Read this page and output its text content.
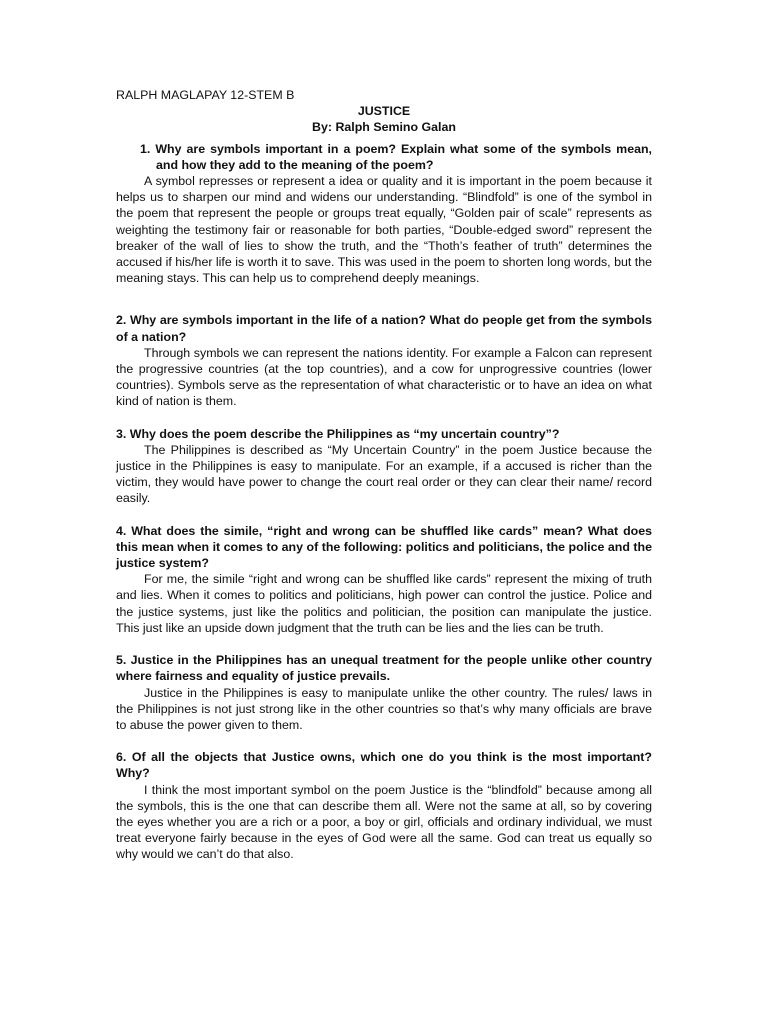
RALPH MAGLAPAY 12-STEM B

JUSTICE

By: Ralph Semino Galan

1. Why are symbols important in a poem? Explain what some of the symbols mean, and how they add to the meaning of the poem?

A symbol represses or represent a idea or quality and it is important in the poem because it helps us to sharpen our mind and widens our understanding. “Blindfold” is one of the symbol in the poem that represent the people or groups treat equally, “Golden pair of scale” represents as weighting the testimony fair or reasonable for both parties, “Double-edged sword” represent the breaker of the wall of lies to show the truth, and the “Thoth’s feather of truth” determines the accused if his/her life is worth it to save. This was used in the poem to shorten long words, but the meaning stays. This can help us to comprehend deeply meanings.

2. Why are symbols important in the life of a nation? What do people get from the symbols of a nation?

Through symbols we can represent the nations identity. For example a Falcon can represent the progressive countries (at the top countries), and a cow for unprogressive countries (lower countries). Symbols serve as the representation of what characteristic or to have an idea on what kind of nation is them.

3. Why does the poem describe the Philippines as “my uncertain country”?

The Philippines is described as “My Uncertain Country” in the poem Justice because the justice in the Philippines is easy to manipulate. For an example, if a accused is richer than the victim, they would have power to change the court real order or they can clear their name/ record easily.

4. What does the simile, “right and wrong can be shuffled like cards” mean? What does this mean when it comes to any of the following: politics and politicians, the police and the justice system?

For me, the simile “right and wrong can be shuffled like cards” represent the mixing of truth and lies. When it comes to politics and politicians, high power can control the justice. Police and the justice systems, just like the politics and politician, the position can manipulate the justice. This just like an upside down judgment that the truth can be lies and the lies can be truth.

5. Justice in the Philippines has an unequal treatment for the people unlike other country where fairness and equality of justice prevails.

Justice in the Philippines is easy to manipulate unlike the other country. The rules/ laws in the Philippines is not just strong like in the other countries so that’s why many officials are brave to abuse the power given to them.

6. Of all the objects that Justice owns, which one do you think is the most important? Why?

I think the most important symbol on the poem Justice is the “blindfold” because among all the symbols, this is the one that can describe them all. Were not the same at all, so by covering the eyes whether you are a rich or a poor, a boy or girl, officials and ordinary individual, we must treat everyone fairly because in the eyes of God were all the same. God can treat us equally so why would we can’t do that also.
